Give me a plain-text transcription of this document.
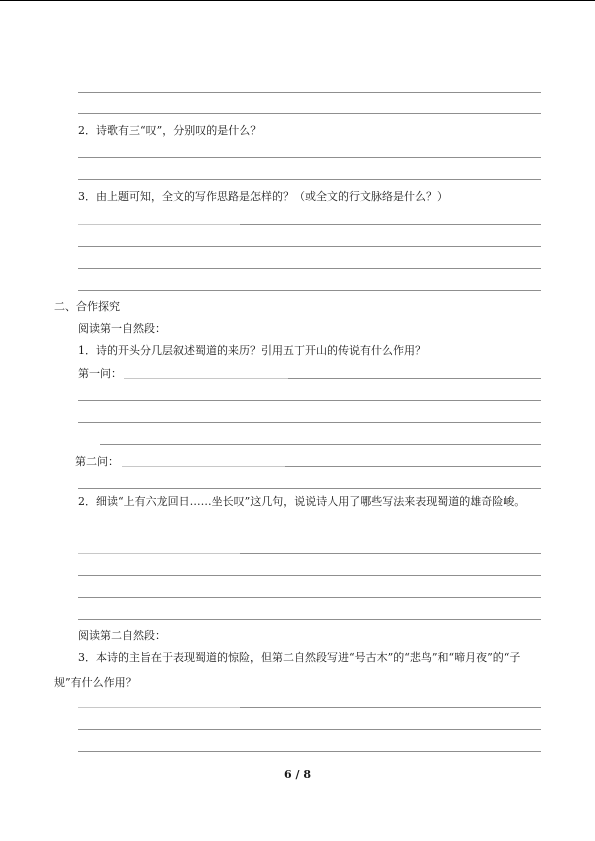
2．诗歌有三“叹”，分别叹的是什么？
3．由上题可知，全文的写作思路是怎样的？（或全文的行文脉络是什么？）
二、合作探究
阅读第一自然段：
1．诗的开头分几层叙述蜀道的来历？引用五丁开山的传说有什么作用？
第一问：
第二问：
2．细读“上有六龙回日……坐长叹”这几句，说说诗人用了哪些写法来表现蜀道的雄奇险峻。
阅读第二自然段：
3．本诗的主旨在于表现蜀道的惊险，但第二自然段写进“号古木”的“悲鸟”和“啼月夜”的“子规”有什么作用？
6 / 8
